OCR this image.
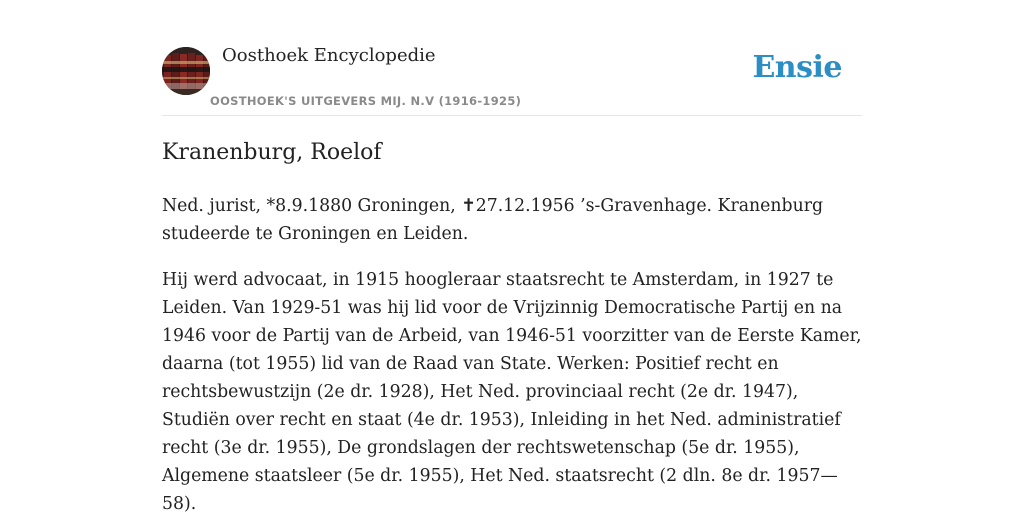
Oosthoek Encyclopedie
OOSTHOEK'S UITGEVERS MIJ. N.V (1916-1925)
Ensie
Kranenburg, Roelof

Ned. jurist, *8.9.1880 Groningen, ✝27.12.1956 ’s-Gravenhage. Kranenburg studeerde te Groningen en Leiden.

Hij werd advocaat, in 1915 hoogleraar staatsrecht te Amsterdam, in 1927 te Leiden. Van 1929-51 was hij lid voor de Vrijzinnig Democratische Partij en na 1946 voor de Partij van de Arbeid, van 1946-51 voorzitter van de Eerste Kamer, daarna (tot 1955) lid van de Raad van State. Werken: Positief recht en rechtsbewustzijn (2e dr. 1928), Het Ned. provinciaal recht (2e dr. 1947), Studiën over recht en staat (4e dr. 1953), Inleiding in het Ned. administratief recht (3e dr. 1955), De grondslagen der rechtswetenschap (5e dr. 1955), Algemene staatsleer (5e dr. 1955), Het Ned. staatsrecht (2 dln. 8e dr. 1957—58).
